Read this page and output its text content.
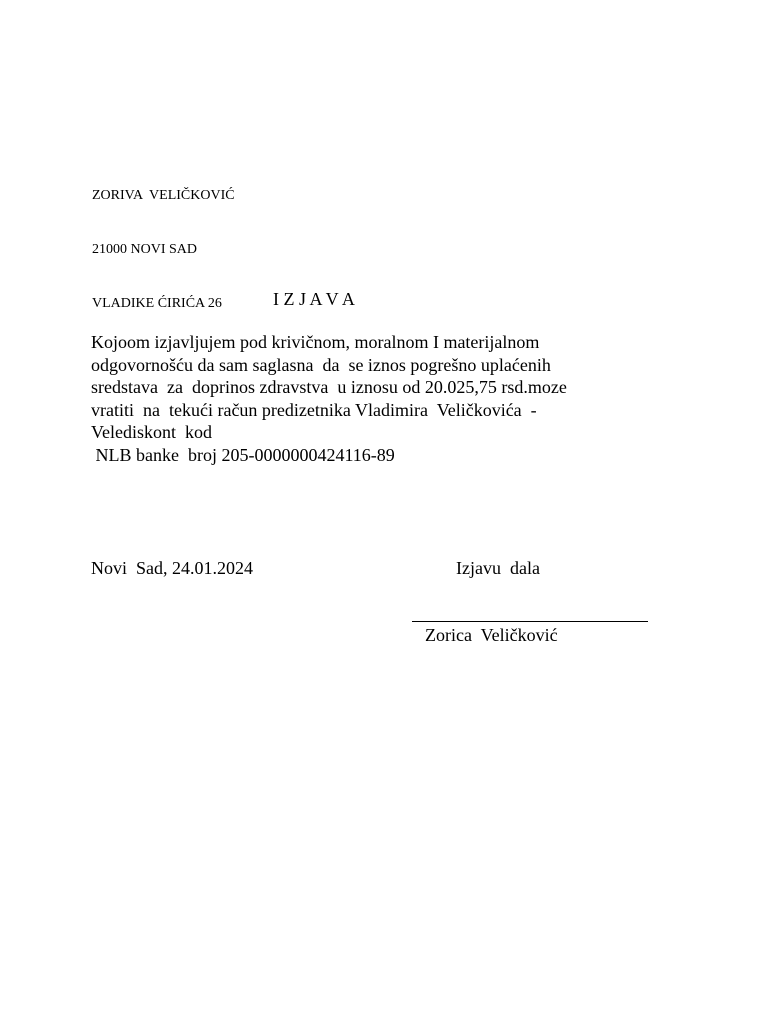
ZORIVA  VELIČKOVIĆ

21000 NOVI SAD

VLADIKE ĆIRIĆA 26

	I Z J A V A
Kojoom izjavljujem pod krivičnom, moralnom I materijalnom
odgovornošću da sam saglasna  da  se iznos pogrešno uplaćenih
sredstava  za  doprinos zdravstva  u iznosu od 20.025,75 rsd.moze
vratiti  na  tekući račun predizetnika Vladimira  Veličkovića  -
Velediskont  kod
NLB banke  broj 205-0000000424116-89
Novi  Sad, 24.01.2024	Izjavu  dala
Zorica  Veličković
